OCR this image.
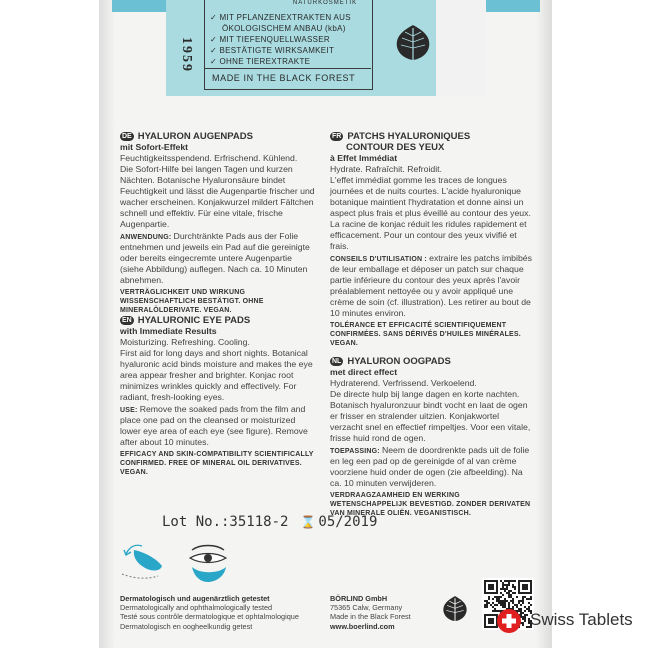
NATURKOSMETIK
1959
✓ MIT PFLANZENEXTRAKTEN AUS
ÖKOLOGISCHEM ANBAU (kbA)
✓ MIT TIEFENQUELLWASSER
✓ BESTÄTIGTE WIRKSAMKEIT
✓ OHNE TIEREXTRAKTE
MADE IN THE BLACK FOREST

DE HYALURON AUGENPADS

mit Sofort-Effekt

Feuchtigkeitsspendend. Erfrischend. Kühlend.

Die Sofort-Hilfe bei langen Tagen und kurzen Nächten. Botanische Hyaluronsäure bindet Feuchtigkeit und lässt die Augenpartie frischer und wacher erscheinen. Konjakwurzel mildert Fältchen schnell und effektiv. Für eine vitale, frische Augenpartie.

ANWENDUNG: Durchtränkte Pads aus der Folie entnehmen und jeweils ein Pad auf die gereinigte oder bereits eingecremte untere Augenpartie (siehe Abbildung) auflegen. Nach ca. 10 Minuten abnehmen.

VERTRÄGLICHKEIT UND WIRKUNG WISSENSCHAFTLICH BESTÄTIGT. OHNE MINERALÖLDERIVATE. VEGAN.

EN HYALURONIC EYE PADS

with Immediate Results

Moisturizing. Refreshing. Cooling.

First aid for long days and short nights. Botanical hyaluronic acid binds moisture and makes the eye area appear fresher and brighter. Konjac root minimizes wrinkles quickly and effectively. For radiant, fresh-looking eyes.

USE: Remove the soaked pads from the film and place one pad on the cleansed or moisturized lower eye area of each eye (see figure). Remove after about 10 minutes.

EFFICACY AND SKIN-COMPATIBILITY SCIENTIFICALLY CONFIRMED. FREE OF MINERAL OIL DERIVATIVES. VEGAN.

FR PATCHS HYALURONIQUES

CONTOUR DES YEUX

à Effet Immédiat

Hydrate. Rafraîchit. Refroidit.

L'effet immédiat gomme les traces de longues journées et de nuits courtes. L'acide hyaluronique botanique maintient l'hydratation et donne ainsi un aspect plus frais et plus éveillé au contour des yeux. La racine de konjac réduit les ridules rapidement et efficacement. Pour un contour des yeux vivifié et frais.

CONSEILS D'UTILISATION : extraire les patchs imbibés de leur emballage et déposer un patch sur chaque partie inférieure du contour des yeux après l'avoir préalablement nettoyée ou y avoir appliqué une crème de soin (cf. illustration). Les retirer au bout de 10 minutes environ.

TOLÉRANCE ET EFFICACITÉ SCIENTIFIQUEMENT CONFIRMÉES. SANS DÉRIVÉS D'HUILES MINÉRALES. VEGAN.

NL HYALURON OOGPADS

met direct effect

Hydraterend. Verfrissend. Verkoelend.

De directe hulp bij lange dagen en korte nachten. Botanisch hyaluronzuur bindt vocht en laat de ogen er frisser en stralender uitzien. Konjakwortel verzacht snel en effectief rimpeltjes. Voor een vitale, frisse huid rond de ogen.

TOEPASSING: Neem de doordrenkte pads uit de folie en leg een pad op de gereinigde of al van crème voorziene huid onder de ogen (zie afbeelding). Na ca. 10 minuten verwijderen.

VERDRAAGZAAMHEID EN WERKING WETENSCHAPPELIJK BEVESTIGD. ZONDER DERIVATEN VAN MINERALE OLIËN. VEGANISTISCH.

Lot No.:35118-2 ⌛ 05/2019
Dermatologisch und augenärztlich getestet
Dermatologically and ophthalmologically tested
Testé sous contrôle dermatologique et ophtalmologique
Dermatologisch en oogheelkundig getest
BÖRLIND GmbH
75365 Calw, Germany
Made in the Black Forest
www.boerlind.com	Swiss Tablets
